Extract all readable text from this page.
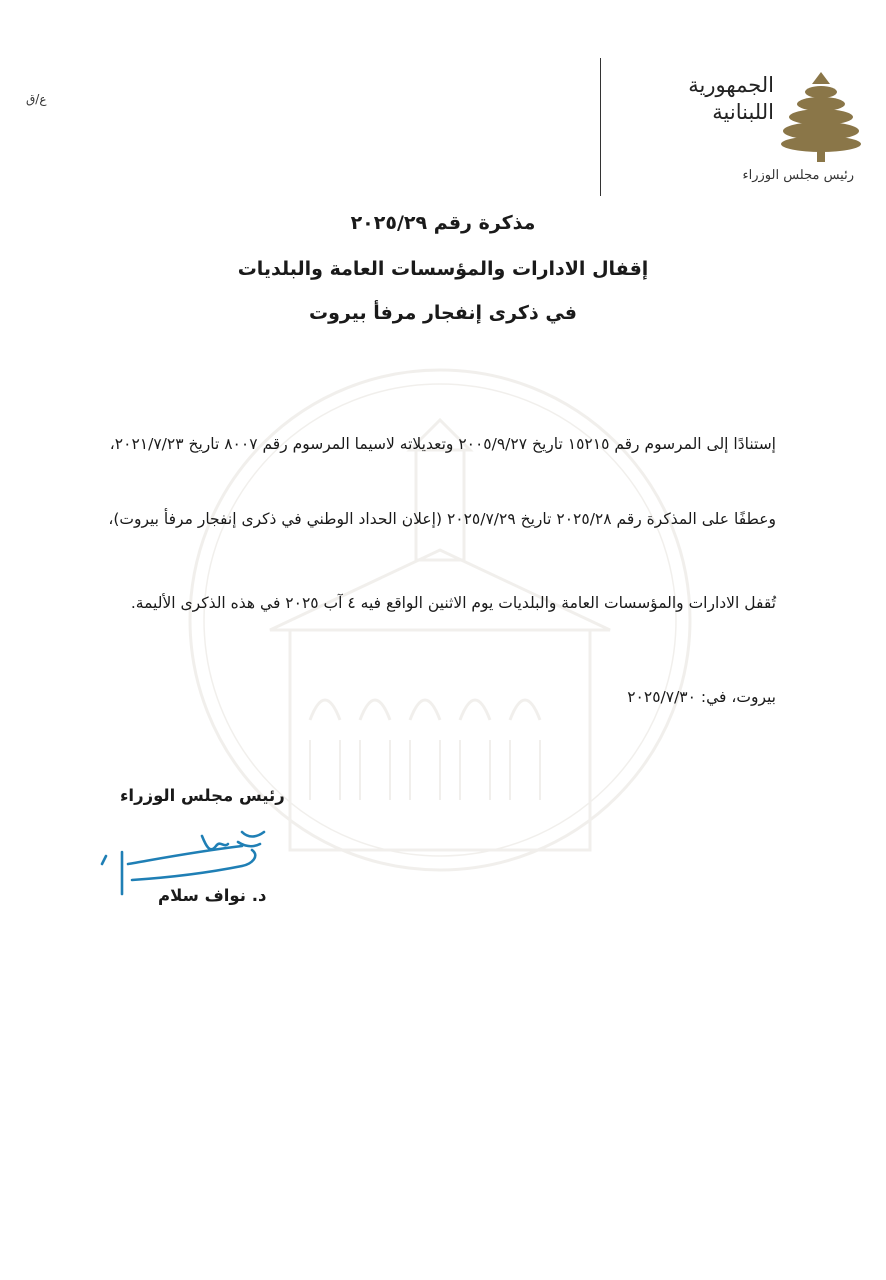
ع/ق
الجمهورية
اللبنانية
رئيس مجلس الوزراء
مذكرة رقم ٢٠٢٥/٢٩
إقفال الادارات والمؤسسات العامة والبلديات
في ذكرى إنفجار مرفأ بيروت
إستنادًا إلى المرسوم رقم ١٥٢١٥ تاريخ ٢٠٠٥/٩/٢٧ وتعديلاته لاسيما المرسوم رقم ٨٠٠٧ تاريخ ٢٠٢١/٧/٢٣،
وعطفًا على المذكرة رقم ٢٠٢٥/٢٨ تاريخ ٢٠٢٥/٧/٢٩ (إعلان الحداد الوطني في ذكرى إنفجار مرفأ بيروت)،
تُقفل الادارات والمؤسسات العامة والبلديات يوم الاثنين الواقع فيه ٤ آب ٢٠٢٥ في هذه الذكرى الأليمة.
بيروت، في: ٢٠٢٥/٧/٣٠
رئيس مجلس الوزراء
د. نواف سلام
